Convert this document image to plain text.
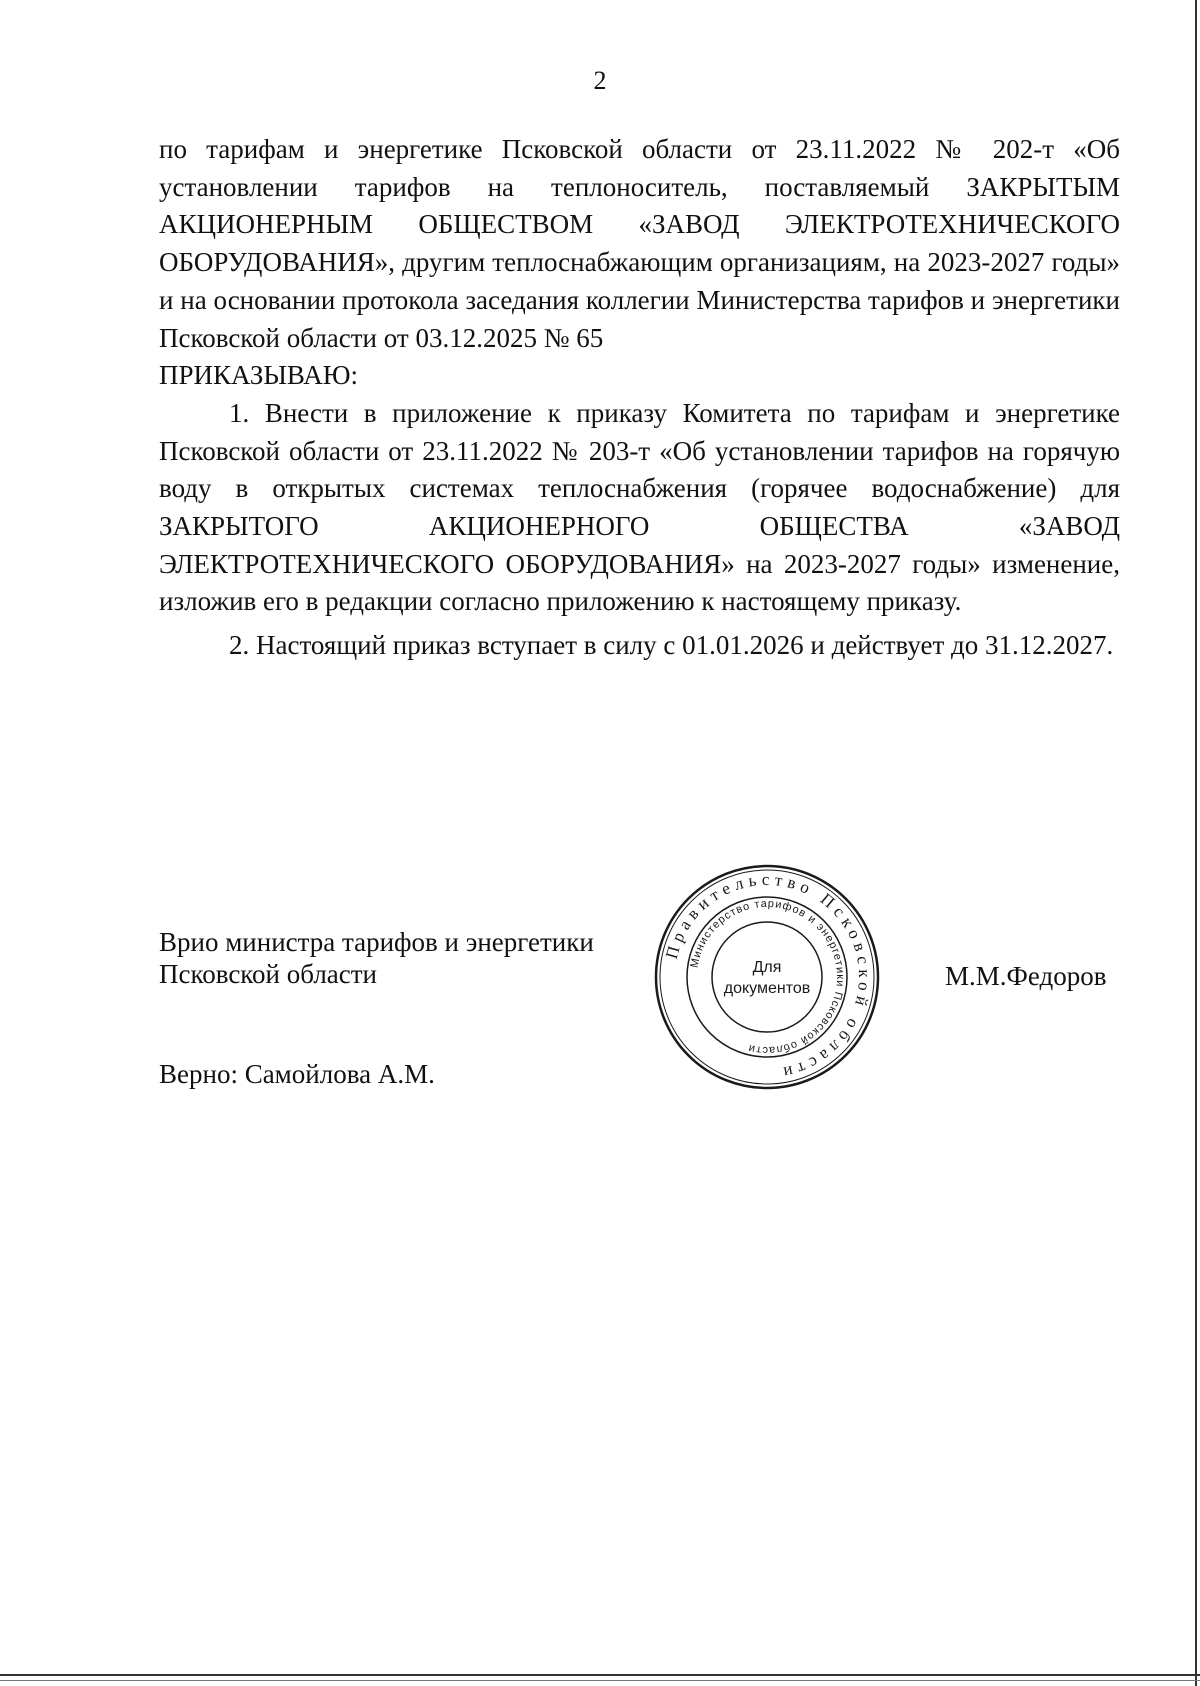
2

по тарифам и энергетике Псковской области от 23.11.2022 № 202-т «Об установлении тарифов на теплоноситель, поставляемый ЗАКРЫТЫМ АКЦИОНЕРНЫМ ОБЩЕСТВОМ «ЗАВОД ЭЛЕКТРОТЕХНИЧЕСКОГО ОБОРУДОВАНИЯ», другим теплоснабжающим организациям, на 2023-2027 годы» и на основании протокола заседания коллегии Министерства тарифов и энергетики Псковской области от 03.12.2025 № 65

ПРИКАЗЫВАЮ:

1. Внести в приложение к приказу Комитета по тарифам и энергетике Псковской области от 23.11.2022 № 203-т «Об установлении тарифов на горячую воду в открытых системах теплоснабжения (горячее водоснабжение) для ЗАКРЫТОГО АКЦИОНЕРНОГО ОБЩЕСТВА «ЗАВОД ЭЛЕКТРОТЕХНИЧЕСКОГО ОБОРУДОВАНИЯ» на 2023-2027 годы» изменение, изложив его в редакции согласно приложению к настоящему приказу.

2. Настоящий приказ вступает в силу с 01.01.2026 и действует до 31.12.2027.

Врио министра тарифов и энергетики
Псковской области
Правительство Псковской области
Министерство тарифов и энергетики Псковской области
Для
документов	М.М.Федоров
Верно: Самойлова А.М.
